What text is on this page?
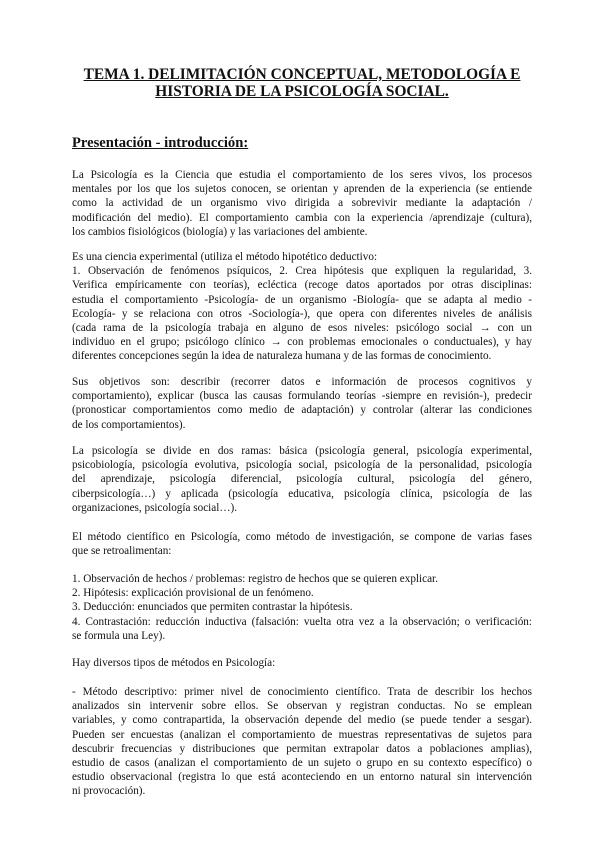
TEMA 1. DELIMITACIÓN CONCEPTUAL, METODOLOGÍA E
HISTORIA DE LA PSICOLOGÍA SOCIAL.
Presentación - introducción:
La Psicología es la Ciencia que estudia el comportamiento de los seres vivos, los procesos
mentales por los que los sujetos conocen, se orientan y aprenden de la experiencia (se entiende
como la actividad de un organismo vivo dirigida a sobrevivir mediante la adaptación /
modificación del medio). El comportamiento cambia con la experiencia /aprendizaje (cultura),
los cambios fisiológicos (biología) y las variaciones del ambiente.
Es una ciencia experimental (utiliza el método hipotético deductivo:
1. Observación de fenómenos psíquicos, 2. Crea hipótesis que expliquen la regularidad, 3.
Verifica empíricamente con teorías), ecléctica (recoge datos aportados por otras disciplinas:
estudia el comportamiento -Psicología- de un organismo -Biología- que se adapta al medio -
Ecología- y se relaciona con otros -Sociología-), que opera con diferentes niveles de análisis
(cada rama de la psicología trabaja en alguno de esos niveles: psicólogo social → con un
individuo en el grupo; psicólogo clínico → con problemas emocionales o conductuales), y hay
diferentes concepciones según la idea de naturaleza humana y de las formas de conocimiento.
Sus objetivos son: describir (recorrer datos e información de procesos cognitivos y
comportamiento), explicar (busca las causas formulando teorías -siempre en revisión-), predecir
(pronosticar comportamientos como medio de adaptación) y controlar (alterar las condiciones
de los comportamientos).
La psicología se divide en dos ramas: básica (psicología general, psicología experimental,
psicobiología, psicología evolutiva, psicología social, psicología de la personalidad, psicología
del aprendizaje, psicología diferencial, psicología cultural, psicología del género,
ciberpsicología…) y aplicada (psicología educativa, psicología clínica, psicología de las
organizaciones, psicología social…).
El método científico en Psicología, como método de investigación, se compone de varias fases
que se retroalimentan:
1. Observación de hechos / problemas: registro de hechos que se quieren explicar.
2. Hipótesis: explicación provisional de un fenómeno.
3. Deducción: enunciados que permiten contrastar la hipótesis.
4. Contrastación: reducción inductiva (falsación: vuelta otra vez a la observación; o verificación:
se formula una Ley).
Hay diversos tipos de métodos en Psicología:
- Método descriptivo: primer nivel de conocimiento científico. Trata de describir los hechos
analizados sin intervenir sobre ellos. Se observan y registran conductas. No se emplean
variables, y como contrapartida, la observación depende del medio (se puede tender a sesgar).
Pueden ser encuestas (analizan el comportamiento de muestras representativas de sujetos para
descubrir frecuencias y distribuciones que permitan extrapolar datos a poblaciones amplias),
estudio de casos (analizan el comportamiento de un sujeto o grupo en su contexto específico) o
estudio observacional (registra lo que está aconteciendo en un entorno natural sin intervención
ni provocación).
